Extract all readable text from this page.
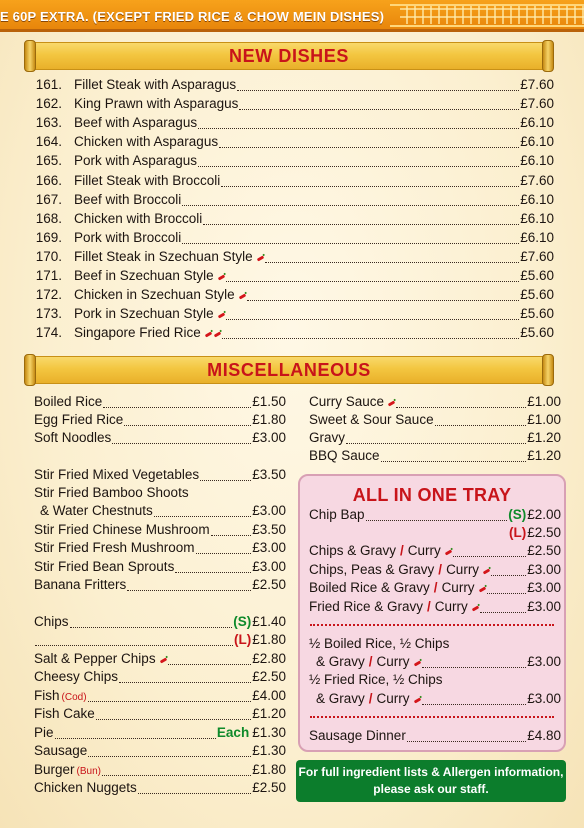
E 60P EXTRA. (EXCEPT FRIED RICE & CHOW MEIN DISHES)
NEW DISHES
161. Fillet Steak with Asparagus	£7.60
162. King Prawn with Asparagus	£7.60
163. Beef with Asparagus	£6.10
164. Chicken with Asparagus	£6.10
165. Pork with Asparagus	£6.10
166. Fillet Steak with Broccoli	£7.60
167. Beef with Broccoli	£6.10
168. Chicken with Broccoli	£6.10
169. Pork with Broccoli	£6.10
170. Fillet Steak in Szechuan Style	£7.60
171. Beef in Szechuan Style	£5.60
172. Chicken in Szechuan Style	£5.60
173. Pork in Szechuan Style	£5.60
174. Singapore Fried Rice	£5.60
MISCELLANEOUS
Boiled Rice	£1.50
Egg Fried Rice	£1.80
Soft Noodles	£3.00
Stir Fried Mixed Vegetables	£3.50
Stir Fried Bamboo Shoots
& Water Chestnuts	£3.00
Stir Fried Chinese Mushroom	£3.50
Stir Fried Fresh Mushroom	£3.00
Stir Fried Bean Sprouts	£3.00
Banana Fritters	£2.50
Chips	(S) £1.40
(L) £1.80
Salt & Pepper Chips	£2.80
Cheesy Chips	£2.50
Fish (Cod)	£4.00
Fish Cake	£1.20
Pie	Each £1.30
Sausage	£1.30
Burger (Bun)	£1.80
Chicken Nuggets	£2.50
Curry Sauce	£1.00
Sweet & Sour Sauce	£1.00
Gravy	£1.20
BBQ Sauce	£1.20
ALL IN ONE TRAY
Chip Bap	(S) £2.00
(L) £2.50
Chips & Gravy / Curry	£2.50
Chips, Peas & Gravy / Curry	£3.00
Boiled Rice & Gravy / Curry	£3.00
Fried Rice & Gravy / Curry	£3.00
½ Boiled Rice, ½ Chips
& Gravy / Curry	£3.00
½ Fried Rice, ½ Chips
& Gravy / Curry	£3.00
Sausage Dinner	£4.80
For full ingredient lists & Allergen information,
please ask our staff.
